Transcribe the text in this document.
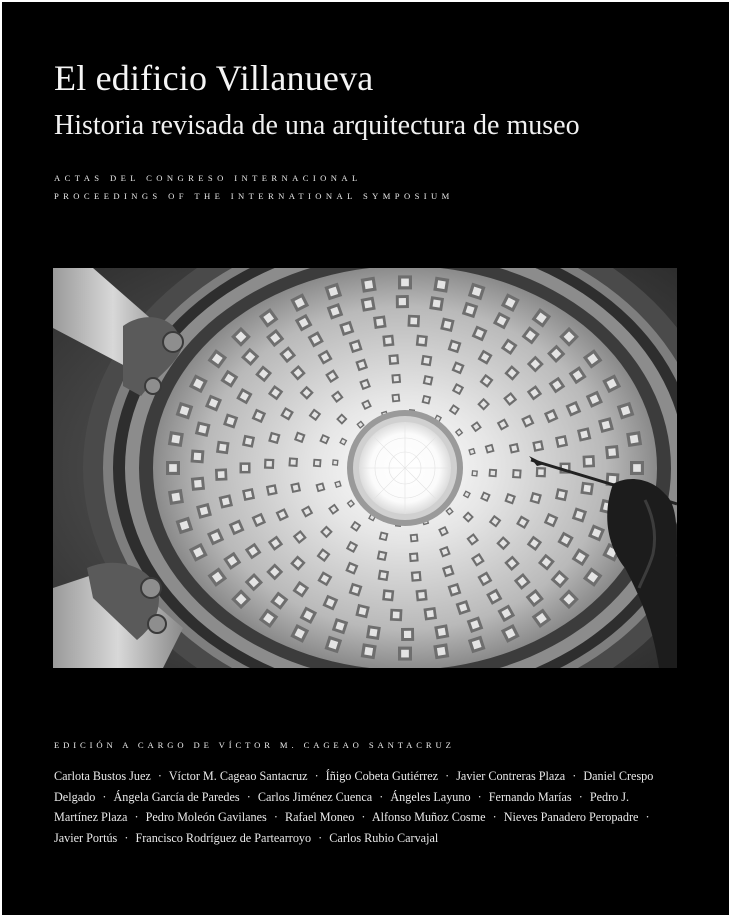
El edificio Villanueva
Historia revisada de una arquitectura de museo
ACTAS DEL CONGRESO INTERNACIONAL
PROCEEDINGS OF THE INTERNATIONAL SYMPOSIUM
EDICIÓN A CARGO DE VÍCTOR M. CAGEAO SANTACRUZ
Carlota Bustos Juez · Víctor M. Cageao Santacruz · Íñigo Cobeta Gutiérrez · Javier Contreras Plaza · Daniel Crespo Delgado · Ángela García de Paredes · Carlos Jiménez Cuenca · Ángeles Layuno · Fernando Marías · Pedro J. Martínez Plaza · Pedro Moleón Gavilanes · Rafael Moneo · Alfonso Muñoz Cosme · Nieves Panadero Peropadre · Javier Portús · Francisco Rodríguez de Partearroyo · Carlos Rubio Carvajal
